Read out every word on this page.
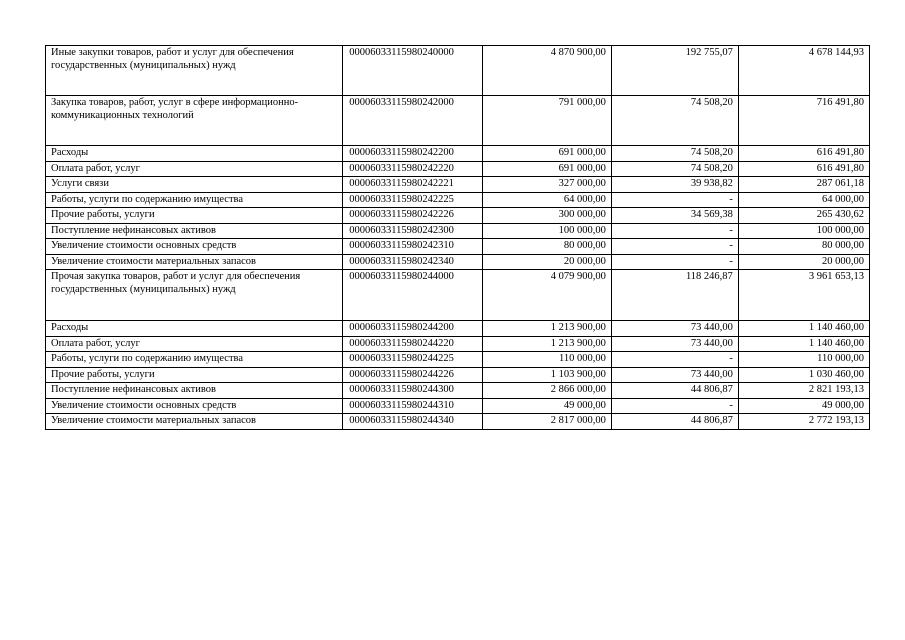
Иные закупки товаров, работ и услуг для обеспечения государственных (муниципальных) нужд	00006033115980240000	4 870 900,00	192 755,07	4 678 144,93
Закупка товаров, работ, услуг в сфере информационно-коммуникационных технологий	00006033115980242000	791 000,00	74 508,20	716 491,80
Расходы	00006033115980242200	691 000,00	74 508,20	616 491,80
Оплата работ, услуг	00006033115980242220	691 000,00	74 508,20	616 491,80
Услуги связи	00006033115980242221	327 000,00	39 938,82	287 061,18
Работы, услуги по содержанию имущества	00006033115980242225	64 000,00	-	64 000,00
Прочие работы, услуги	00006033115980242226	300 000,00	34 569,38	265 430,62
Поступление нефинансовых активов	00006033115980242300	100 000,00	-	100 000,00
Увеличение стоимости основных средств	00006033115980242310	80 000,00	-	80 000,00
Увеличение стоимости материальных запасов	00006033115980242340	20 000,00	-	20 000,00
Прочая закупка товаров, работ и услуг для обеспечения государственных (муниципальных) нужд	00006033115980244000	4 079 900,00	118 246,87	3 961 653,13
Расходы	00006033115980244200	1 213 900,00	73 440,00	1 140 460,00
Оплата работ, услуг	00006033115980244220	1 213 900,00	73 440,00	1 140 460,00
Работы, услуги по содержанию имущества	00006033115980244225	110 000,00	-	110 000,00
Прочие работы, услуги	00006033115980244226	1 103 900,00	73 440,00	1 030 460,00
Поступление нефинансовых активов	00006033115980244300	2 866 000,00	44 806,87	2 821 193,13
Увеличение стоимости основных средств	00006033115980244310	49 000,00	-	49 000,00
Увеличение стоимости материальных запасов	00006033115980244340	2 817 000,00	44 806,87	2 772 193,13
